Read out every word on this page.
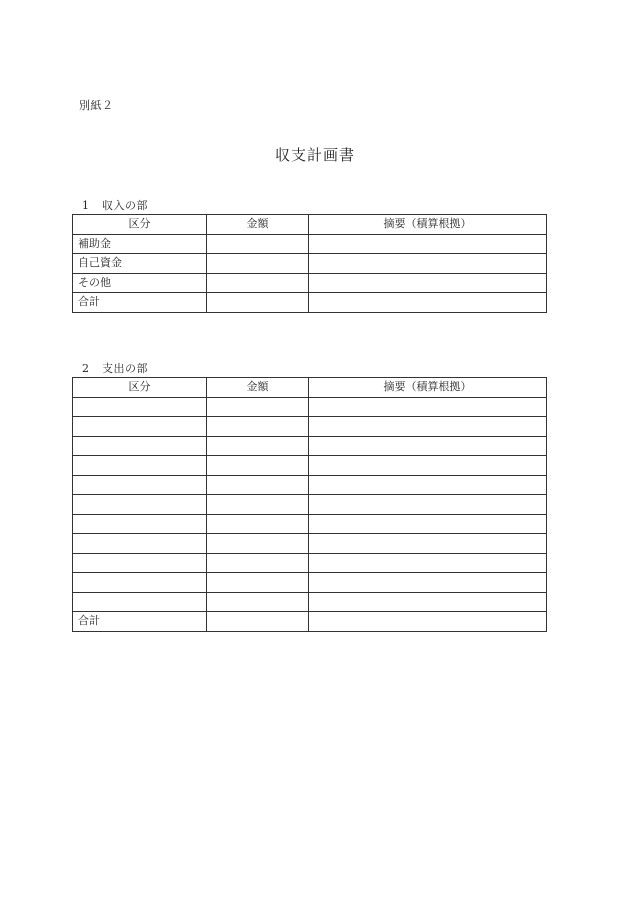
別紙２
収支計画書
1 収入の部
区分	金額	摘要（積算根拠）
補助金		
自己資金		
その他		
合計		
2 支出の部
区分	金額	摘要（積算根拠）

合計		
